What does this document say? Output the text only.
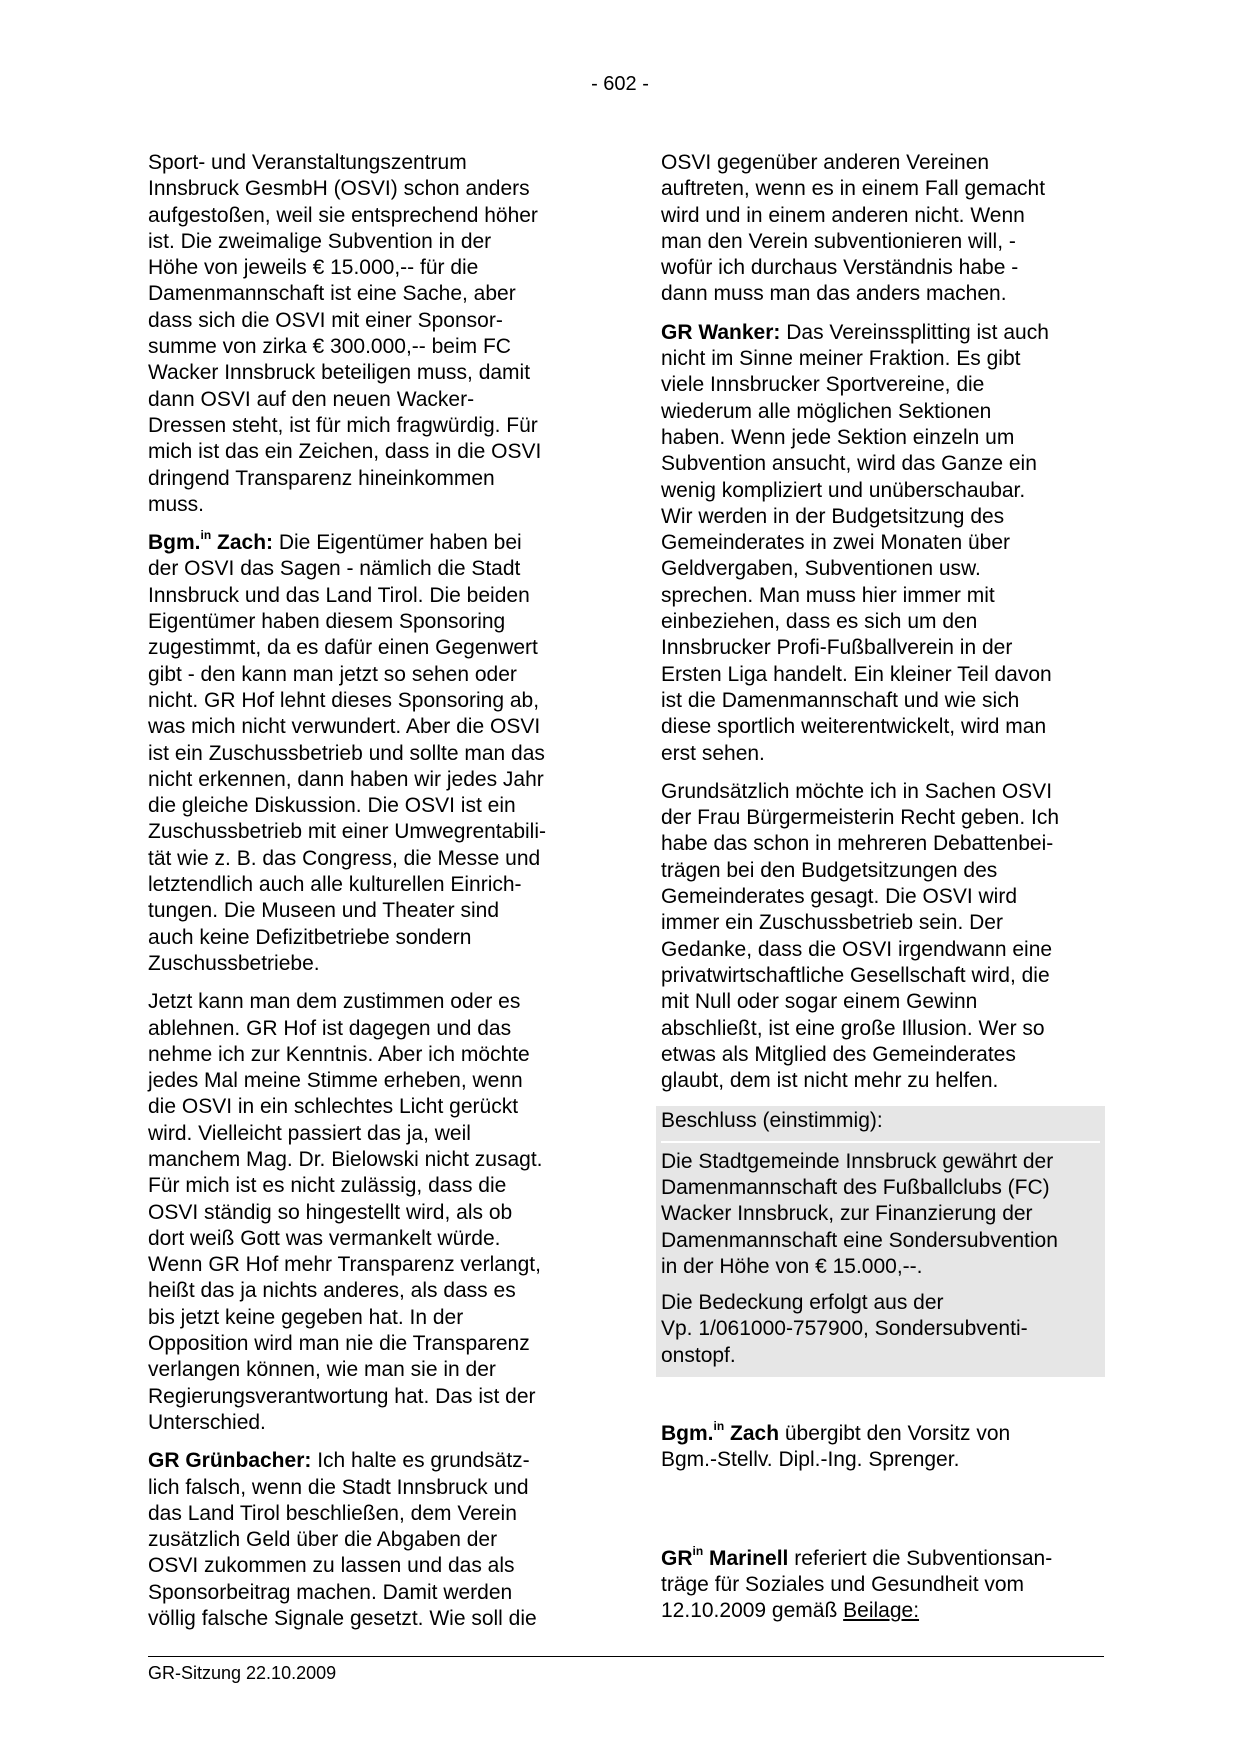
- 602 -

Sport- und Veranstaltungszentrum
Innsbruck GesmbH (OSVI) schon anders
aufgestoßen, weil sie entsprechend höher
ist. Die zweimalige Subvention in der
Höhe von jeweils € 15.000,-- für die
Damenmannschaft ist eine Sache, aber
dass sich die OSVI mit einer Sponsor-
summe von zirka € 300.000,-- beim FC
Wacker Innsbruck beteiligen muss, damit
dann OSVI auf den neuen Wacker-
Dressen steht, ist für mich fragwürdig. Für
mich ist das ein Zeichen, dass in die OSVI
dringend Transparenz hineinkommen
muss.

Bgm.$^{in}$ Zach: Die Eigentümer haben bei
der OSVI das Sagen - nämlich die Stadt
Innsbruck und das Land Tirol. Die beiden
Eigentümer haben diesem Sponsoring
zugestimmt, da es dafür einen Gegenwert
gibt - den kann man jetzt so sehen oder
nicht. GR Hof lehnt dieses Sponsoring ab,
was mich nicht verwundert. Aber die OSVI
ist ein Zuschussbetrieb und sollte man das
nicht erkennen, dann haben wir jedes Jahr
die gleiche Diskussion. Die OSVI ist ein
Zuschussbetrieb mit einer Umwegrentabili-
tät wie z. B. das Congress, die Messe und
letztendlich auch alle kulturellen Einrich-
tungen. Die Museen und Theater sind
auch keine Defizitbetriebe sondern
Zuschussbetriebe.

Jetzt kann man dem zustimmen oder es
ablehnen. GR Hof ist dagegen und das
nehme ich zur Kenntnis. Aber ich möchte
jedes Mal meine Stimme erheben, wenn
die OSVI in ein schlechtes Licht gerückt
wird. Vielleicht passiert das ja, weil
manchem Mag. Dr. Bielowski nicht zusagt.
Für mich ist es nicht zulässig, dass die
OSVI ständig so hingestellt wird, als ob
dort weiß Gott was vermankelt würde.
Wenn GR Hof mehr Transparenz verlangt,
heißt das ja nichts anderes, als dass es
bis jetzt keine gegeben hat. In der
Opposition wird man nie die Transparenz
verlangen können, wie man sie in der
Regierungsverantwortung hat. Das ist der
Unterschied.

GR Grünbacher: Ich halte es grundsätz-
lich falsch, wenn die Stadt Innsbruck und
das Land Tirol beschließen, dem Verein
zusätzlich Geld über die Abgaben der
OSVI zukommen zu lassen und das als
Sponsorbeitrag machen. Damit werden
völlig falsche Signale gesetzt. Wie soll die

OSVI gegenüber anderen Vereinen
auftreten, wenn es in einem Fall gemacht
wird und in einem anderen nicht. Wenn
man den Verein subventionieren will, -
wofür ich durchaus Verständnis habe -
dann muss man das anders machen.

GR Wanker: Das Vereinssplitting ist auch
nicht im Sinne meiner Fraktion. Es gibt
viele Innsbrucker Sportvereine, die
wiederum alle möglichen Sektionen
haben. Wenn jede Sektion einzeln um
Subvention ansucht, wird das Ganze ein
wenig kompliziert und unüberschaubar.
Wir werden in der Budgetsitzung des
Gemeinderates in zwei Monaten über
Geldvergaben, Subventionen usw.
sprechen. Man muss hier immer mit
einbeziehen, dass es sich um den
Innsbrucker Profi-Fußballverein in der
Ersten Liga handelt. Ein kleiner Teil davon
ist die Damenmannschaft und wie sich
diese sportlich weiterentwickelt, wird man
erst sehen.

Grundsätzlich möchte ich in Sachen OSVI
der Frau Bürgermeisterin Recht geben. Ich
habe das schon in mehreren Debattenbei-
trägen bei den Budgetsitzungen des
Gemeinderates gesagt. Die OSVI wird
immer ein Zuschussbetrieb sein. Der
Gedanke, dass die OSVI irgendwann eine
privatwirtschaftliche Gesellschaft wird, die
mit Null oder sogar einem Gewinn
abschließt, ist eine große Illusion. Wer so
etwas als Mitglied des Gemeinderates
glaubt, dem ist nicht mehr zu helfen.

Beschluss (einstimmig):

Die Stadtgemeinde Innsbruck gewährt der
Damenmannschaft des Fußballclubs (FC)
Wacker Innsbruck, zur Finanzierung der
Damenmannschaft eine Sondersubvention
in der Höhe von € 15.000,--.

Die Bedeckung erfolgt aus der
Vp. 1/061000-757900, Sondersubventi-
onstopf.

Bgm.$^{in}$ Zach übergibt den Vorsitz von
Bgm.-Stellv. Dipl.-Ing. Sprenger.

$GR^{in}$ Marinell referiert die Subventionsan-
träge für Soziales und Gesundheit vom
12.10.2009 gemäß Beilage:

GR-Sitzung 22.10.2009
